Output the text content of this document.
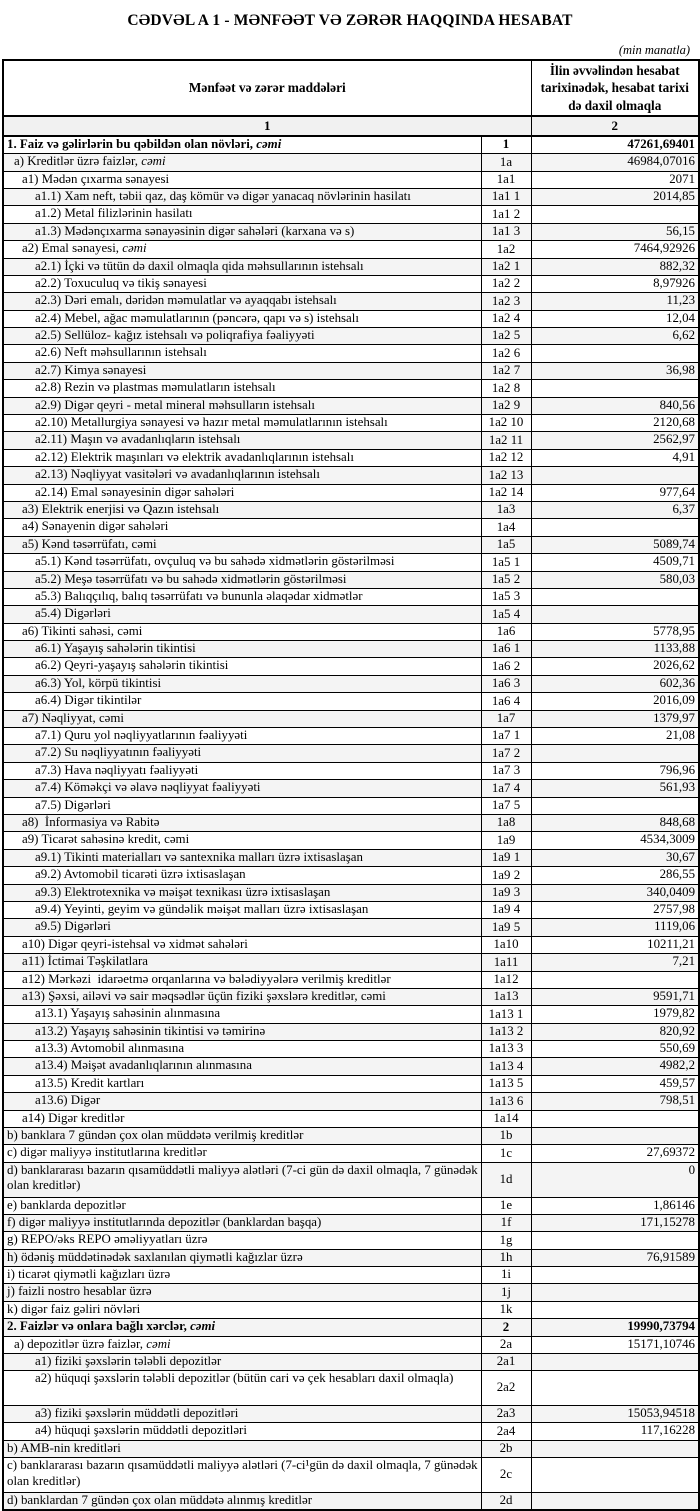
CƏDVƏL A 1 - MƏNFƏƏT VƏ ZƏRƏR HAQQINDA HESABAT
(min manatla)
Mənfəət və zərər maddələri		İlin əvvəlindən hesabat tarixinədək, hesabat tarixi də daxil olmaqla
1		2
1. Faiz və gəlirlərin bu qəbildən olan növləri, cəmi	1	47261,69401
a) Kreditlər üzrə faizlər, cəmi	1a	46984,07016
a1) Mədən çıxarma sənayesi	1a1	2071
a1.1) Xam neft, təbii qaz, daş kömür və digər yanacaq növlərinin hasilatı	1a1 1	2014,85
a1.2) Metal filizlərinin hasilatı	1a1 2	
a1.3) Mədənçıxarma sənayəsinin digər sahələri (karxana və s)	1a1 3	56,15
a2) Emal sənayesi, cəmi	1a2	7464,92926
a2.1) İçki və tütün də daxil olmaqla qida məhsullarının istehsalı	1a2 1	882,32
a2.2) Toxuculuq və tikiş sənayesi	1a2 2	8,97926
a2.3) Dəri emalı, dəridən məmulatlar və ayaqqabı istehsalı	1a2 3	11,23
a2.4) Mebel, ağac məmulatlarının (pəncərə, qapı və s) istehsalı	1a2 4	12,04
a2.5) Sellüloz- kağız istehsalı və poliqrafiya fəaliyyəti	1a2 5	6,62
a2.6) Neft məhsullarının istehsalı	1a2 6	
a2.7) Kimya sənayesi	1a2 7	36,98
a2.8) Rezin və plastmas məmulatların istehsalı	1a2 8	
a2.9) Digər qeyri - metal mineral məhsulların istehsalı	1a2 9	840,56
a2.10) Metallurgiya sənayesi və hazır metal məmulatlarının istehsalı	1a2 10	2120,68
a2.11) Maşın və avadanlıqların istehsalı	1a2 11	2562,97
a2.12) Elektrik maşınları və elektrik avadanlıqlarının istehsalı	1a2 12	4,91
a2.13) Nəqliyyat vasitələri və avadanlıqlarının istehsalı	1a2 13	
a2.14) Emal sənayesinin digər sahələri	1a2 14	977,64
a3) Elektrik enerjisi və Qazın istehsalı	1a3	6,37
a4) Sənayenin digər sahələri	1a4	
a5) Kənd təsərrüfatı, cəmi	1a5	5089,74
a5.1) Kənd təsərrüfatı, ovçuluq və bu sahədə xidmətlərin göstərilməsi	1a5 1	4509,71
a5.2) Meşə təsərrüfatı və bu sahədə xidmətlərin göstərilməsi	1a5 2	580,03
a5.3) Balıqçılıq, balıq təsərrüfatı və bununla əlaqədar xidmətlər	1a5 3	
a5.4) Digərləri	1a5 4	
a6) Tikinti sahəsi, cəmi	1a6	5778,95
a6.1) Yaşayış sahələrin tikintisi	1a6 1	1133,88
a6.2) Qeyri-yaşayış sahələrin tikintisi	1a6 2	2026,62
a6.3) Yol, körpü tikintisi	1a6 3	602,36
a6.4) Digər tikintilər	1a6 4	2016,09
a7) Nəqliyyat, cəmi	1a7	1379,97
a7.1) Quru yol nəqliyyatlarının fəaliyyəti	1a7 1	21,08
a7.2) Su nəqliyyatının fəaliyyəti	1a7 2	
a7.3) Hava nəqliyyatı fəaliyyəti	1a7 3	796,96
a7.4) Köməkçi və əlavə nəqliyyat fəaliyyəti	1a7 4	561,93
a7.5) Digərləri	1a7 5	
a8)  İnformasiya və Rabitə	1a8	848,68
a9) Ticarət sahəsinə kredit, cəmi	1a9	4534,3009
a9.1) Tikinti materialları və santexnika malları üzrə ixtisaslaşan	1a9 1	30,67
a9.2) Avtomobil ticarəti üzrə ixtisaslaşan	1a9 2	286,55
a9.3) Elektrotexnika və məişət texnikası üzrə ixtisaslaşan	1a9 3	340,0409
a9.4) Yeyinti, geyim və gündəlik məişət malları üzrə ixtisaslaşan	1a9 4	2757,98
a9.5) Digərləri	1a9 5	1119,06
a10) Digər qeyri-istehsal və xidmət sahələri	1a10	10211,21
a11) İctimai Təşkilatlara	1a11	7,21
a12) Mərkəzi  idarəetmə orqanlarına və bələdiyyələrə verilmiş kreditlər	1a12	
a13) Şəxsi, ailəvi və sair məqsədlər üçün fiziki şəxslərə kreditlər, cəmi	1a13	9591,71
a13.1) Yaşayış sahəsinin alınmasına	1a13 1	1979,82
a13.2) Yaşayış sahəsinin tikintisi və təmirinə	1a13 2	820,92
a13.3) Avtomobil alınmasına	1a13 3	550,69
a13.4) Məişət avadanlıqlarının alınmasına	1a13 4	4982,2
a13.5) Kredit kartları	1a13 5	459,57
a13.6) Digər	1a13 6	798,51
a14) Digər kreditlər	1a14	
b) banklara 7 gündən çox olan müddətə verilmiş kreditlər	1b	
c) digər maliyyə institutlarına kreditlər	1c	27,69372
d) banklararası bazarın qısamüddətli maliyyə alətləri (7-ci gün də daxil olmaqla, 7 günədək olan kreditlər)	1d	0
e) banklarda depozitlər	1e	1,86146
f) digər maliyyə institutlarında depozitlər (banklardan başqa)	1f	171,15278
g) REPO/əks REPO əməliyyatları üzrə	1g	
h) ödəniş müddətinədək saxlanılan qiymətli kağızlar üzrə	1h	76,91589
i) ticarət qiymətli kağızları üzrə	1i	
j) faizli nostro hesablar üzrə	1j	
k) digər faiz gəliri növləri	1k	
2. Faizlər və onlara bağlı xərclər, cəmi	2	19990,73794
a) depozitlər üzrə faizlər, cəmi	2a	15171,10746
a1) fiziki şəxslərin tələbli depozitlər	2a1	
a2) hüquqi şəxslərin tələbli depozitlər (bütün cari və çek hesabları daxil olmaqla)	2a2	
a3) fiziki şəxslərin müddətli depozitləri	2a3	15053,94518
a4) hüquqi şəxslərin müddətli depozitləri	2a4	117,16228
b) AMB-nin kreditləri	2b	
c) banklararası bazarın qısamüddətli maliyyə alətləri (7-ci¹gün də daxil olmaqla, 7 günədək olan kreditlər)	2c	
d) banklardan 7 gündən çox olan müddətə alınmış kreditlər	2d	
